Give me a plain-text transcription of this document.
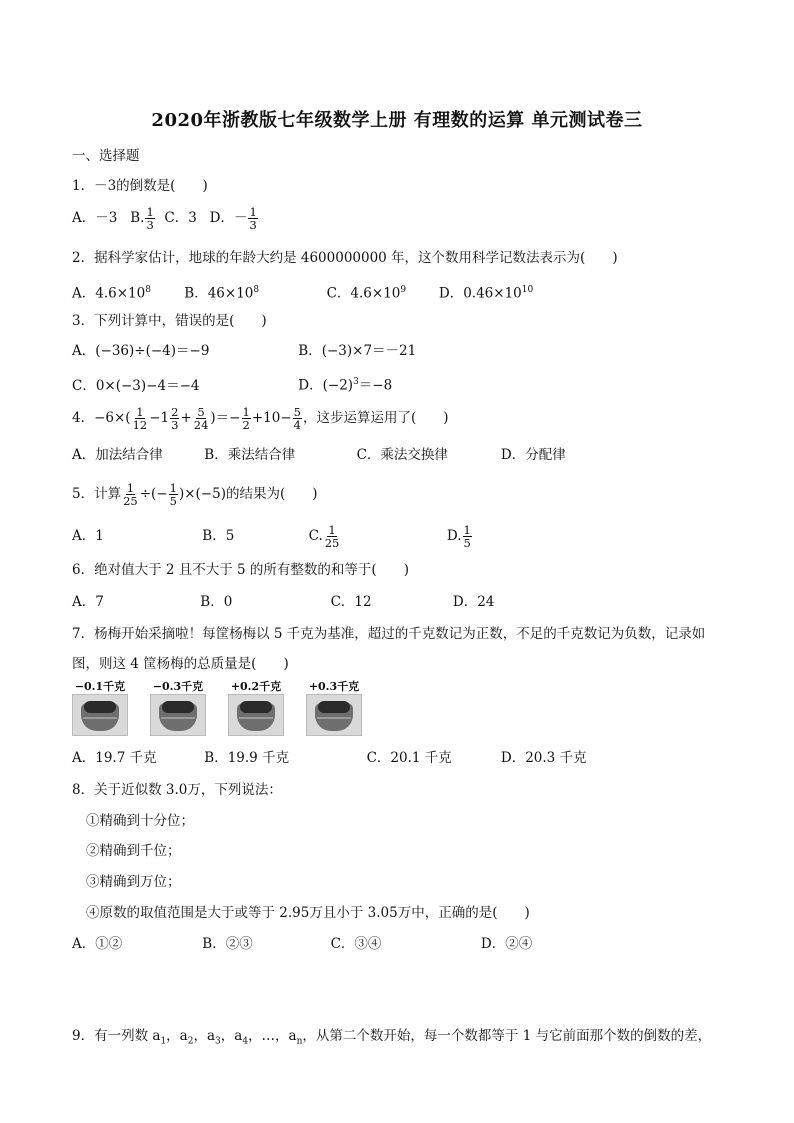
2020年浙教版七年级数学上册 有理数的运算 单元测试卷三
一、选择题
1．－3的倒数是(　　)
A．－3 B. $\frac{1}{3}$ C．3 D．－ $\frac{1}{3}$
2．据科学家估计，地球的年龄大约是 4600000000 年，这个数用科学记数法表示为(　　)
A．$4.6\times 10^8$ B．$46\times 10^8$	C．$4.6\times 10^9$ D．$0.46\times 10^{10}$
3．下列计算中，错误的是(　　)
A．(−36)÷(−4)＝−9	B．(−3)×7＝－21
C．0×(−3)−4＝−4	D．$(-2)^3=-8$
4．$-6\times( \frac{1}{12} -1 \frac{2}{3} + \frac{5}{24}$ )＝− $\frac{1}{2} +10- \frac{5}{4}$ ，这步运算运用了(　　)
A．加法结合律	B．乘法结合律	C．乘法交换律	D．分配律
5．计算 $\frac{1}{25}$ ÷(− $\frac{1}{5} )\times(-5)$的结果为(　　)
A．1	B．5	C. $\frac{1}{25}$	D. $\frac{1}{5}$
6．绝对值大于 2 且不大于 5 的所有整数的和等于(　　)
A．7	B．0	C．12	D．24
7．杨梅开始采摘啦！每筐杨梅以 5 千克为基准，超过的千克数记为正数，不足的千克数记为负数，记录如
图，则这 4 筐杨梅的总质量是(　　)
−0.1千克	−0.3千克	+0.2千克	+0.3千克
A．19.7 千克	B．19.9 千克	C．20.1 千克	D．20.3 千克
8．关于近似数 3.0万，下列说法：
①精确到十分位；
②精确到千位；
③精确到万位；
④原数的取值范围是大于或等于 2.95万且小于 3.05万中，正确的是(　　)
A．①②	B．②③	C．③④	D．②④
9．有一列数 $a_1$，$a_2$，$a_3$，$a_4$，…，$a_n$，从第二个数开始，每一个数都等于 1 与它前面那个数的倒数的差，
